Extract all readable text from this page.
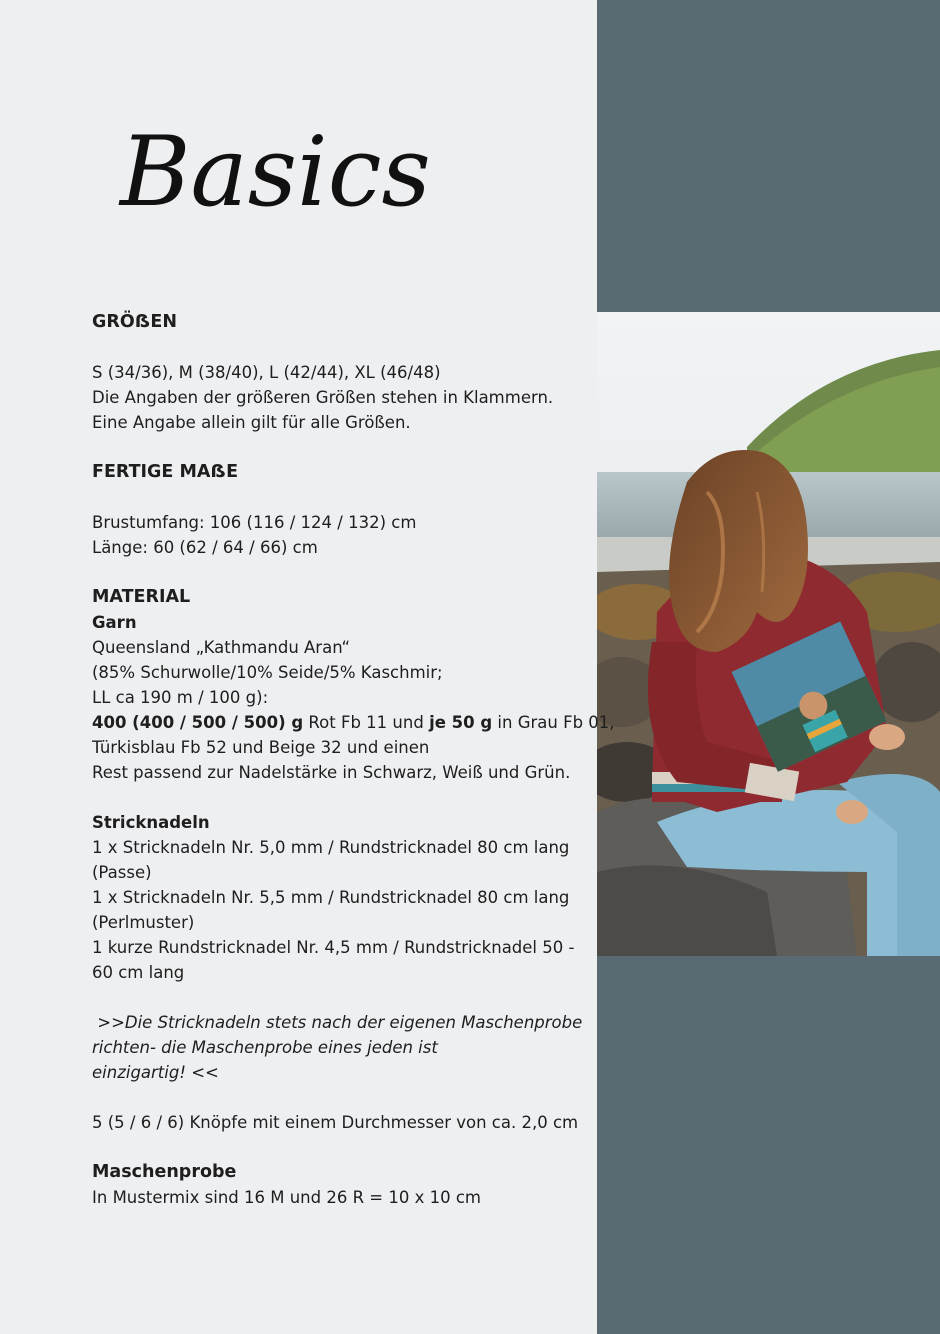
Basics
GRÖẞEN
S (34/36), M (38/40), L (42/44), XL (46/48)
Die Angaben der größeren Größen stehen in Klammern.
Eine Angabe allein gilt für alle Größen.
FERTIGE MAẞE
Brustumfang: 106 (116 / 124 / 132) cm
Länge: 60 (62 / 64 / 66) cm
MATERIAL
Garn
Queensland „Kathmandu Aran“
(85% Schurwolle/10% Seide/5% Kaschmir;
LL ca 190 m / 100 g):
400 (400 / 500 / 500) g Rot Fb 11 und je 50 g in Grau Fb 01,
Türkisblau Fb 52 und Beige 32 und einen
Rest passend zur Nadelstärke in Schwarz, Weiß und Grün.
Stricknadeln
1 x Stricknadeln Nr. 5,0 mm / Rundstricknadel 80 cm lang
(Passe)
1 x Stricknadeln Nr. 5,5 mm / Rundstricknadel 80 cm lang
(Perlmuster)
1 kurze Rundstricknadel Nr. 4,5 mm / Rundstricknadel 50 -
60 cm lang
>>Die Stricknadeln stets nach der eigenen Maschenprobe
richten- die Maschenprobe eines jeden ist
einzigartig! <<
5 (5 / 6 / 6) Knöpfe mit einem Durchmesser von ca. 2,0 cm
Maschenprobe
In Mustermix sind 16 M und 26 R = 10 x 10 cm
